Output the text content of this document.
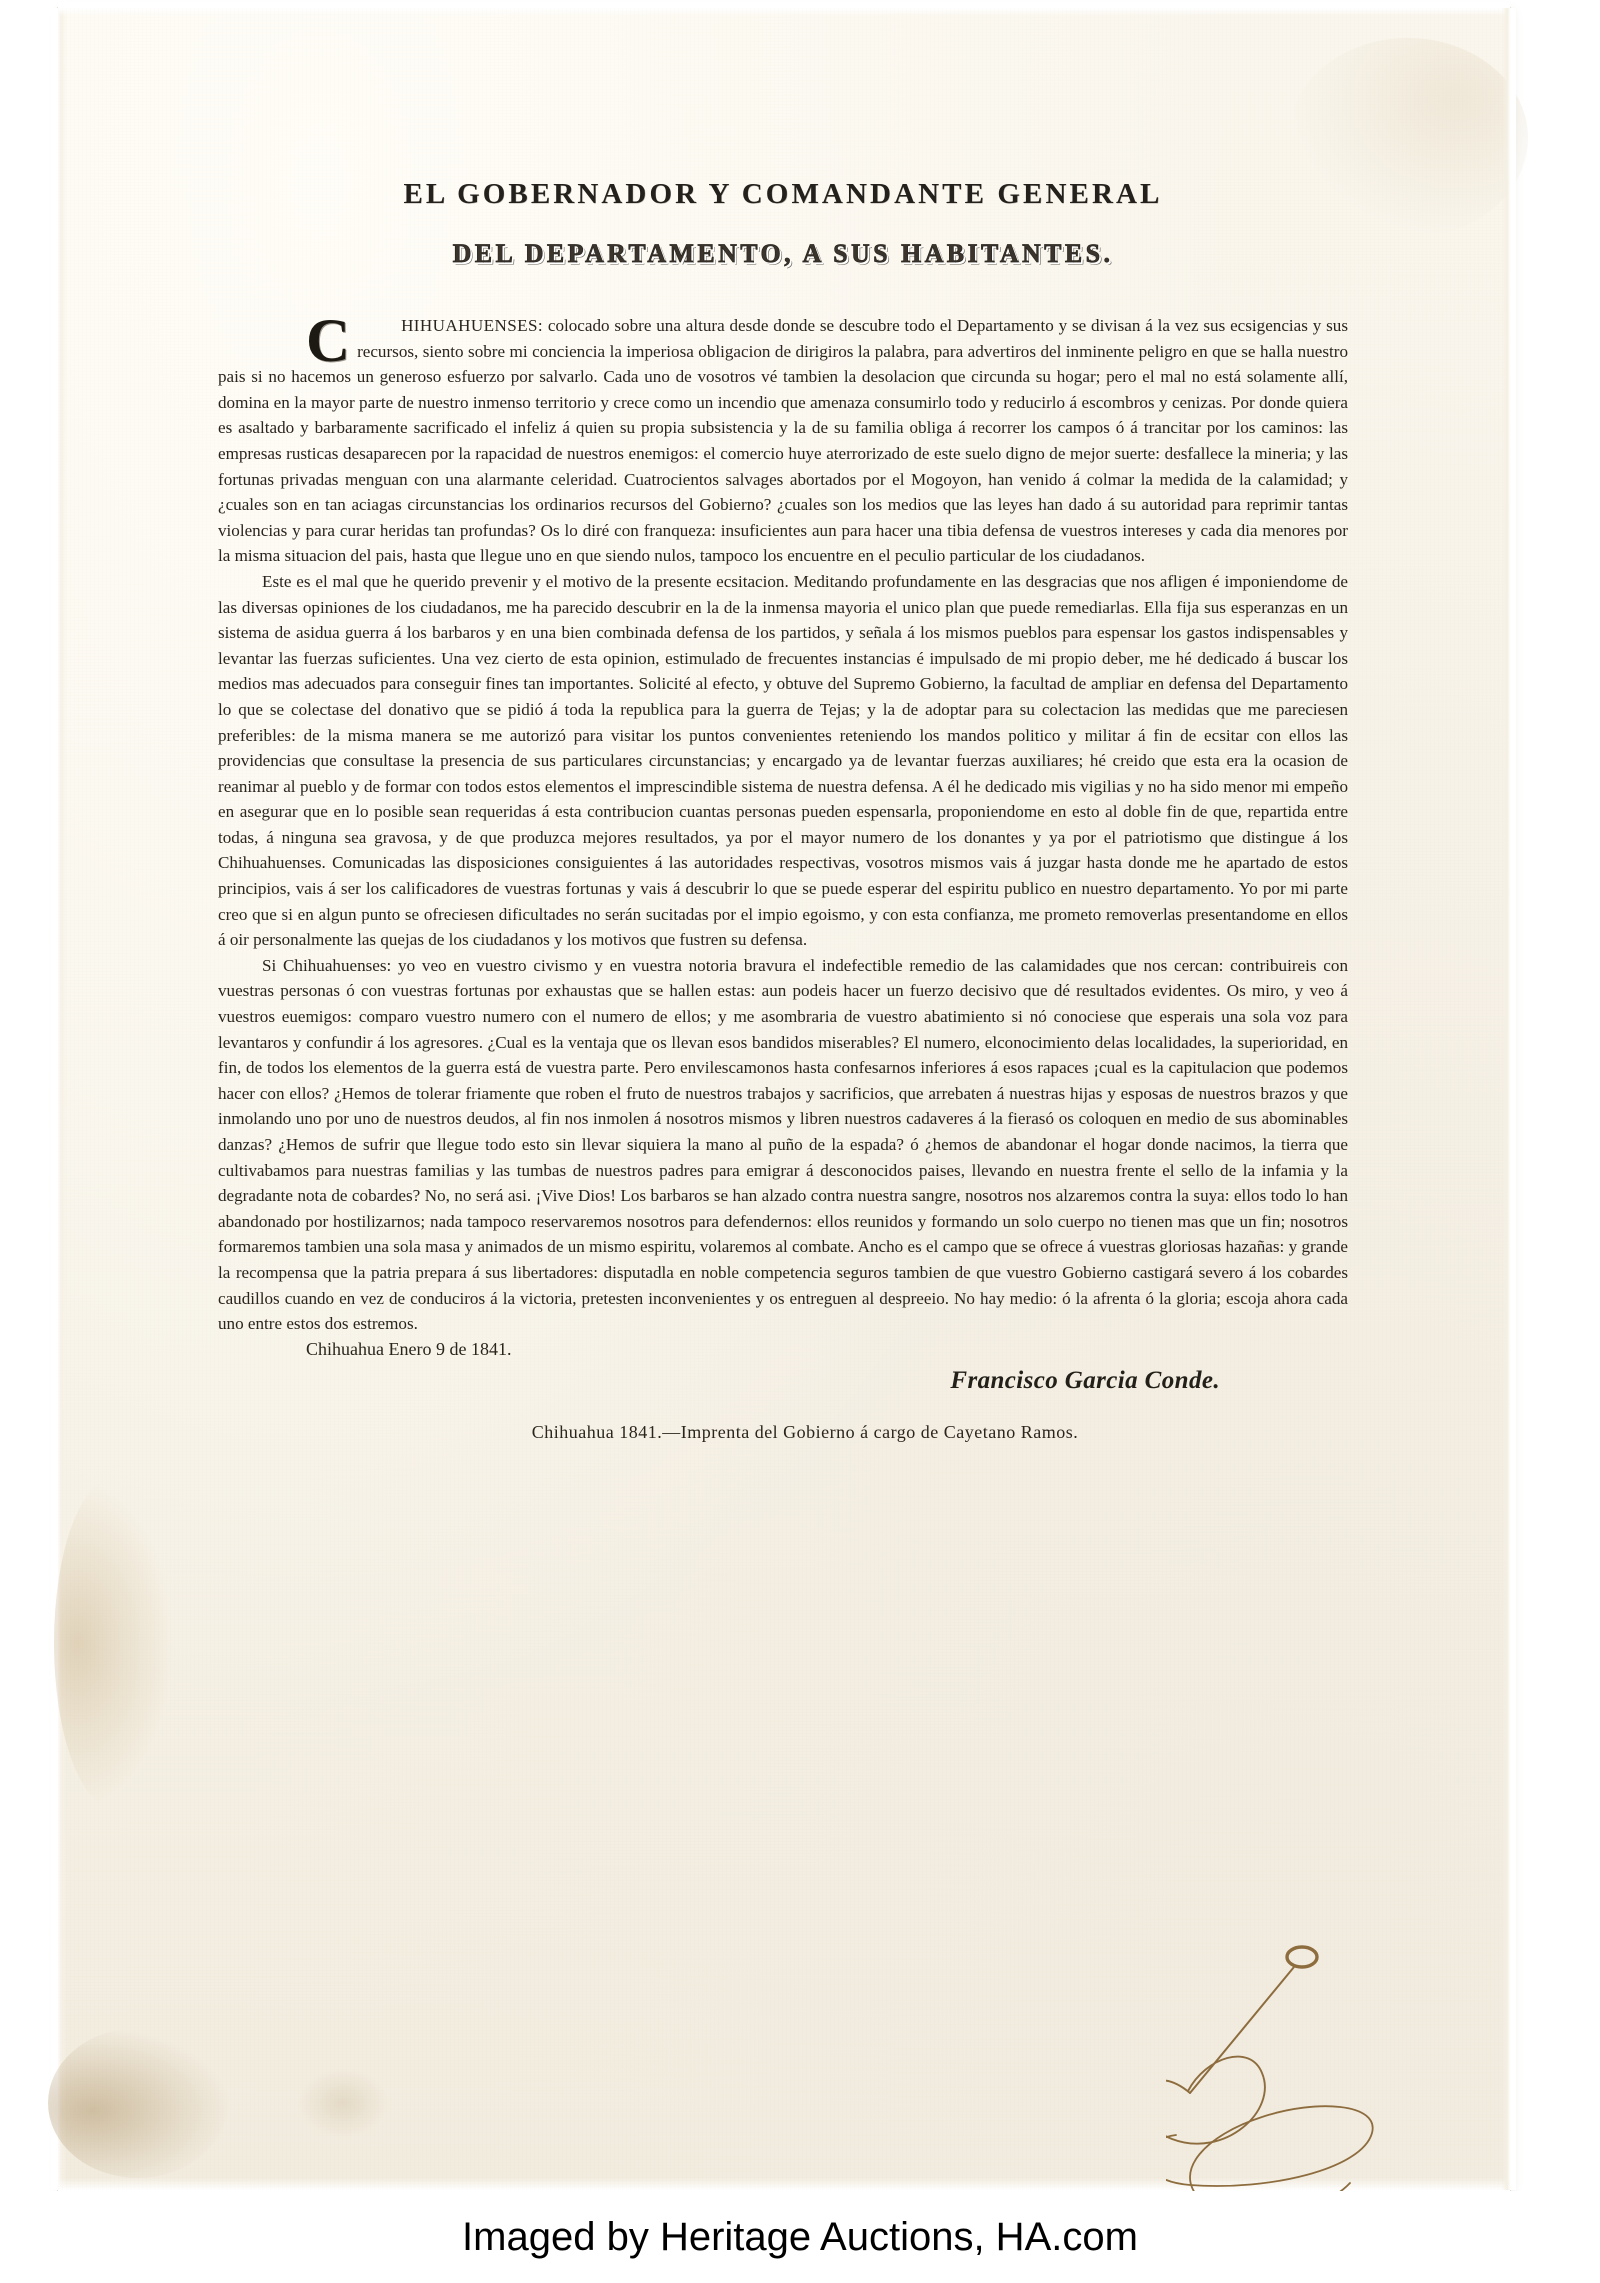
EL GOBERNADOR Y COMANDANTE GENERAL
DEL DEPARTAMENTO, A SUS HABITANTES.

C	HIHUAHUENSES: colocado sobre una altura desde donde se descubre todo el Departamento y se divisan á la vez sus ecsigencias y sus recursos, siento sobre mi conciencia la imperiosa obligacion de dirigiros la palabra, para advertiros del inminente peligro en que se halla nuestro pais si no hacemos un generoso esfuerzo por salvarlo. Cada uno de vosotros vé tambien la desolacion que circunda su hogar; pero el mal no está solamente allí, domina en la mayor parte de nuestro inmenso territorio y crece como un incendio que amenaza consumirlo todo y reducirlo á escombros y cenizas. Por donde quiera es asaltado y barbaramente sacrificado el infeliz á quien su propia subsistencia y la de su familia obliga á recorrer los campos ó á trancitar por los caminos: las empresas rusticas desaparecen por la rapacidad de nuestros enemigos: el comercio huye aterrorizado de este suelo digno de mejor suerte: desfallece la mineria; y las fortunas privadas menguan con una alarmante celeridad. Cuatrocientos salvages abortados por el Mogoyon, han venido á colmar la medida de la calamidad; y ¿cuales son en tan aciagas circunstancias los ordinarios recursos del Gobierno? ¿cuales son los medios que las leyes han dado á su autoridad para reprimir tantas violencias y para curar heridas tan profundas? Os lo diré con franqueza: insuficientes aun para hacer una tibia defensa de vuestros intereses y cada dia menores por la misma situacion del pais, hasta que llegue uno en que siendo nulos, tampoco los encuentre en el peculio particular de los ciudadanos.

Este es el mal que he querido prevenir y el motivo de la presente ecsitacion. Meditando profundamente en las desgracias que nos afligen é imponiendome de las diversas opiniones de los ciudadanos, me ha parecido descubrir en la de la inmensa mayoria el unico plan que puede remediarlas. Ella fija sus esperanzas en un sistema de asidua guerra á los barbaros y en una bien combinada defensa de los partidos, y señala á los mismos pueblos para espensar los gastos indispensables y levantar las fuerzas suficientes. Una vez cierto de esta opinion, estimulado de frecuentes instancias é impulsado de mi propio deber, me hé dedicado á buscar los medios mas adecuados para conseguir fines tan importantes. Solicité al efecto, y obtuve del Supremo Gobierno, la facultad de ampliar en defensa del Departamento lo que se colectase del donativo que se pidió á toda la republica para la guerra de Tejas; y la de adoptar para su colectacion las medidas que me pareciesen preferibles: de la misma manera se me autorizó para visitar los puntos convenientes reteniendo los mandos politico y militar á fin de ecsitar con ellos las providencias que consultase la presencia de sus particulares circunstancias; y encargado ya de levantar fuerzas auxiliares; hé creido que esta era la ocasion de reanimar al pueblo y de formar con todos estos elementos el imprescindible sistema de nuestra defensa. A él he dedicado mis vigilias y no ha sido menor mi empeño en asegurar que en lo posible sean requeridas á esta contribucion cuantas personas pueden espensarla, proponiendome en esto al doble fin de que, repartida entre todas, á ninguna sea gravosa, y de que produzca mejores resultados, ya por el mayor numero de los donantes y ya por el patriotismo que distingue á los Chihuahuenses. Comunicadas las disposiciones consiguientes á las autoridades respectivas, vosotros mismos vais á juzgar hasta donde me he apartado de estos principios, vais á ser los calificadores de vuestras fortunas y vais á descubrir lo que se puede esperar del espiritu publico en nuestro departamento. Yo por mi parte creo que si en algun punto se ofreciesen dificultades no serán sucitadas por el impio egoismo, y con esta confianza, me prometo removerlas presentandome en ellos á oir personalmente las quejas de los ciudadanos y los motivos que fustren su defensa.

Si Chihuahuenses: yo veo en vuestro civismo y en vuestra notoria bravura el indefectible remedio de las calamidades que nos cercan: contribuireis con vuestras personas ó con vuestras fortunas por exhaustas que se hallen estas: aun podeis hacer un fuerzo decisivo que dé resultados evidentes. Os miro, y veo á vuestros euemigos: comparo vuestro numero con el numero de ellos; y me asombraria de vuestro abatimiento si nó conociese que esperais una sola voz para levantaros y confundir á los agresores. ¿Cual es la ventaja que os llevan esos bandidos miserables? El numero, elconocimiento delas localidades, la superioridad, en fin, de todos los elementos de la guerra está de vuestra parte. Pero envilescamonos hasta confesarnos inferiores á esos rapaces ¡cual es la capitulacion que podemos hacer con ellos? ¿Hemos de tolerar friamente que roben el fruto de nuestros trabajos y sacrificios, que arrebaten á nuestras hijas y esposas de nuestros brazos y que inmolando uno por uno de nuestros deudos, al fin nos inmolen á nosotros mismos y libren nuestros cadaveres á la fierasó os coloquen en medio de sus abominables danzas? ¿Hemos de sufrir que llegue todo esto sin llevar siquiera la mano al puño de la espada? ó ¿hemos de abandonar el hogar donde nacimos, la tierra que cultivabamos para nuestras familias y las tumbas de nuestros padres para emigrar á desconocidos paises, llevando en nuestra frente el sello de la infamia y la degradante nota de cobardes? No, no será asi. ¡Vive Dios! Los barbaros se han alzado contra nuestra sangre, nosotros nos alzaremos contra la suya: ellos todo lo han abandonado por hostilizarnos; nada tampoco reservaremos nosotros para defendernos: ellos reunidos y formando un solo cuerpo no tienen mas que un fin; nosotros formaremos tambien una sola masa y animados de un mismo espiritu, volaremos al combate. Ancho es el campo que se ofrece á vuestras gloriosas hazañas: y grande la recompensa que la patria prepara á sus libertadores: disputadla en noble competencia seguros tambien de que vuestro Gobierno castigará severo á los cobardes caudillos cuando en vez de conduciros á la victoria, pretesten inconvenientes y os entreguen al despreeio. No hay medio: ó la afrenta ó la gloria; escoja ahora cada uno entre estos dos estremos.

Chihuahua Enero 9 de 1841.

Francisco Garcia Conde.

Chihuahua 1841.—Imprenta del Gobierno á cargo de Cayetano Ramos.

Imaged by Heritage Auctions, HA.com
